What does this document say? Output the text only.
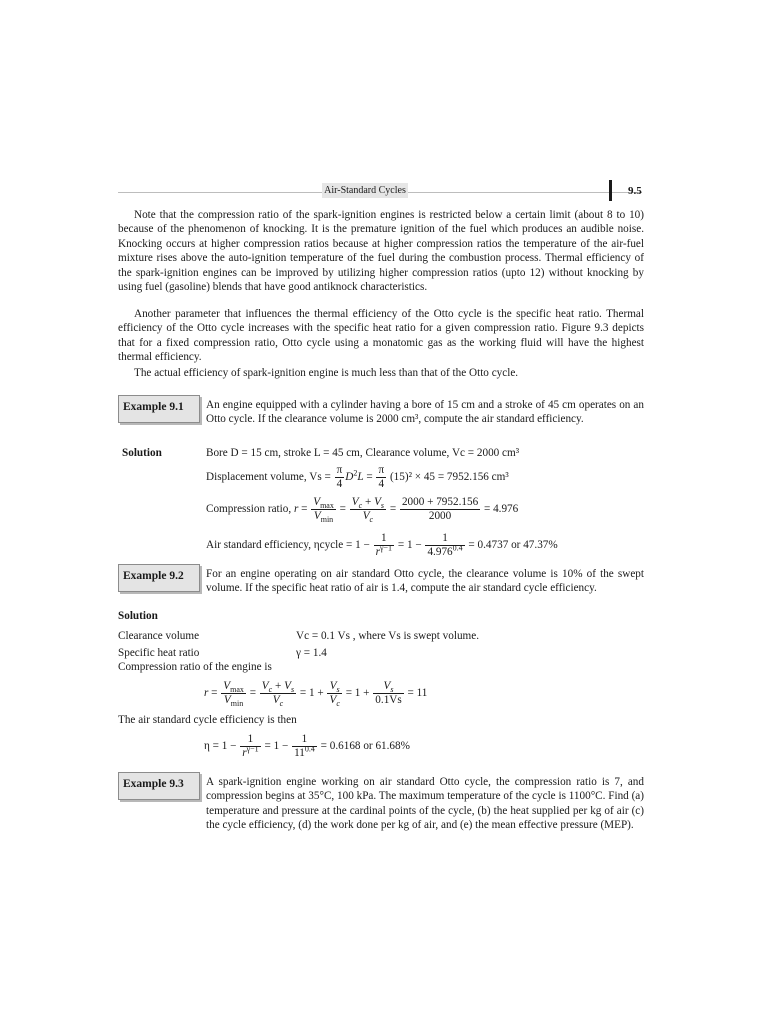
Air-Standard Cycles	9.5
Note that the compression ratio of the spark-ignition engines is restricted below a certain limit (about 8 to 10) because of the phenomenon of knocking. It is the premature ignition of the fuel which produces an audible noise. Knocking occurs at higher compression ratios because at higher compression ratios the temperature of the air-fuel mixture rises above the auto-ignition temperature of the fuel during the combustion process. Thermal efficiency of the spark-ignition engines can be improved by utilizing higher compression ratios (upto 12) without knocking by using fuel (gasoline) blends that have good antiknock characteristics.
Another parameter that influences the thermal efficiency of the Otto cycle is the specific heat ratio. Thermal efficiency of the Otto cycle increases with the specific heat ratio for a given compression ratio. Figure 9.3 depicts that for a fixed compression ratio, Otto cycle using a monatomic gas as the working fluid will have the highest thermal efficiency.
The actual efficiency of spark-ignition engine is much less than that of the Otto cycle.
Example 9.1	An engine equipped with a cylinder having a bore of 15 cm and a stroke of 45 cm operates on an Otto cycle. If the clearance volume is 2000 cm³, compute the air standard efficiency.
Solution	Bore D = 15 cm, stroke L = 45 cm, Clearance volume, Vc = 2000 cm³
Displacement volume, $Vs = \frac{\pi}{4} D^2L = \frac{\pi}{4} (15)^2 \times 45 = 7952.156$ cm³
Compression ratio, $r = \frac{V_{max}}{V_{min}} = \frac{V_c + V_s}{V_c} = \frac{2000 + 7952.156}{2000} = 4.976$
Air standard efficiency, ηcycle = $1 - \frac{1}{r^{\gamma-1}} = 1 - \frac{1}{4.976^{0.4}} = 0.4737$ or 47.37%
Example 9.2	For an engine operating on air standard Otto cycle, the clearance volume is 10% of the swept volume. If the specific heat ratio of air is 1.4, compute the air standard cycle efficiency.
Solution
Clearance volume	Vc = 0.1 Vs , where Vs is swept volume.
Specific heat ratio	γ = 1.4
Compression ratio of the engine is
$r = \frac{V_{max}}{V_{min}} = \frac{V_c + V_s}{V_c} = 1 + \frac{V_s}{V_c} = 1 + \frac{V_s}{0.1Vs} = 11$
The air standard cycle efficiency is then
$\eta = 1 - \frac{1}{r^{\gamma-1}} = 1 - \frac{1}{11^{0.4}} = 0.6168$ or 61.68%
Example 9.3	A spark-ignition engine working on air standard Otto cycle, the compression ratio is 7, and compression begins at 35°C, 100 kPa. The maximum temperature of the cycle is 1100°C. Find (a) temperature and pressure at the cardinal points of the cycle, (b) the heat supplied per kg of air (c) the cycle efficiency, (d) the work done per kg of air, and (e) the mean effective pressure (MEP).
